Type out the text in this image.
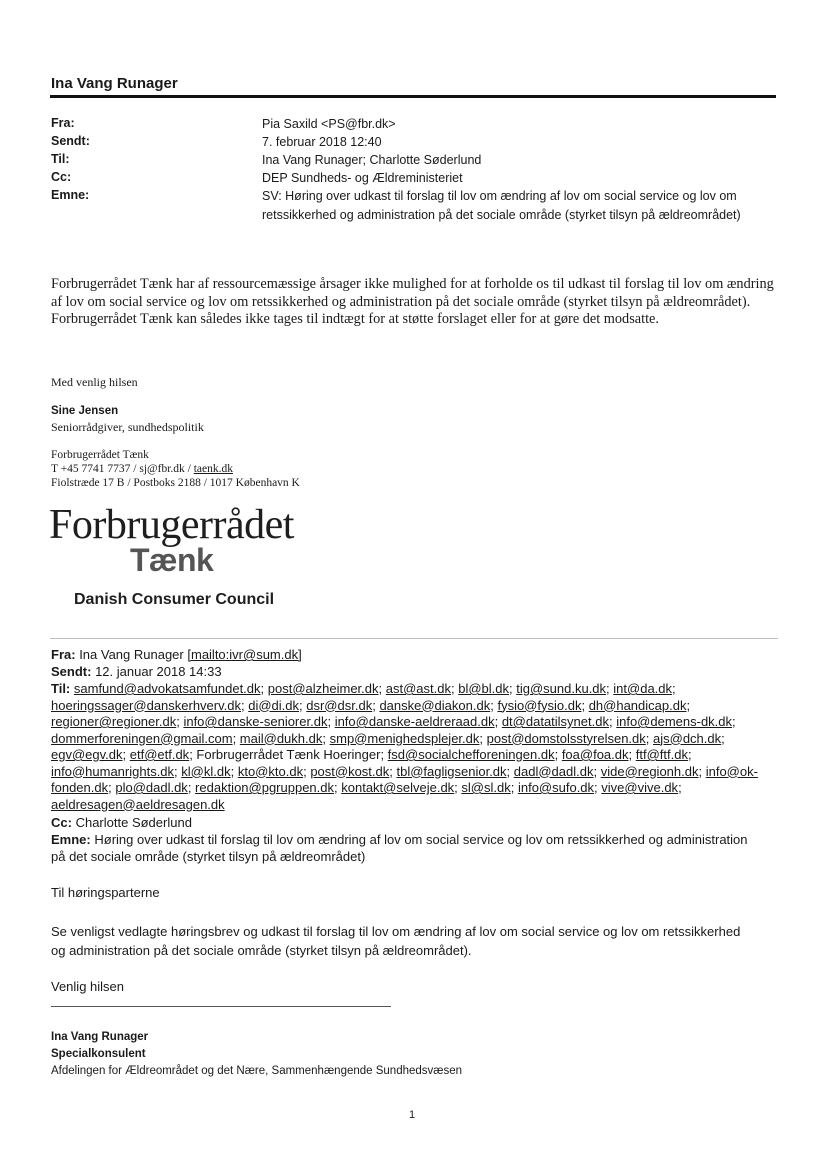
Ina Vang Runager
Fra:	Pia Saxild <PS@fbr.dk>
Sendt:	7. februar 2018 12:40
Til:	Ina Vang Runager; Charlotte Søderlund
Cc:	DEP Sundheds- og Ældreministeriet
Emne:	SV: Høring over udkast til forslag til lov om ændring af lov om social service og lov om retssikkerhed og administration på det sociale område (styrket tilsyn på ældreområdet)
Forbrugerrådet Tænk har af ressourcemæssige årsager ikke mulighed for at forholde os til udkast til forslag til lov om ændring af lov om social service og lov om retssikkerhed og administration på det sociale område (styrket tilsyn på ældreområdet). Forbrugerrådet Tænk kan således ikke tages til indtægt for at støtte forslaget eller for at gøre det modsatte.
Med venlig hilsen
Sine Jensen
Seniorrådgiver, sundhedspolitik
Forbrugerrådet Tænk
T +45 7741 7737 / sj@fbr.dk / taenk.dk
Fiolstræde 17 B / Postboks 2188 / 1017 København K
Forbrugerrådet
Tænk
Danish Consumer Council
Fra: Ina Vang Runager [mailto:ivr@sum.dk]
Sendt: 12. januar 2018 14:33
Til: samfund@advokatsamfundet.dk; post@alzheimer.dk; ast@ast.dk; bl@bl.dk; tig@sund.ku.dk; int@da.dk; hoeringssager@danskerhverv.dk; di@di.dk; dsr@dsr.dk; danske@diakon.dk; fysio@fysio.dk; dh@handicap.dk; regioner@regioner.dk; info@danske-seniorer.dk; info@danske-aeldreraad.dk; dt@datatilsynet.dk; info@demens-dk.dk; dommerforeningen@gmail.com; mail@dukh.dk; smp@menighedsplejer.dk; post@domstolsstyrelsen.dk; ajs@dch.dk; egv@egv.dk; etf@etf.dk; Forbrugerrådet Tænk Hoeringer; fsd@socialchefforeningen.dk; foa@foa.dk; ftf@ftf.dk; info@humanrights.dk; kl@kl.dk; kto@kto.dk; post@kost.dk; tbl@fagligsenior.dk; dadl@dadl.dk; vide@regionh.dk; info@ok-fonden.dk; plo@dadl.dk; redaktion@pgruppen.dk; kontakt@selveje.dk; sl@sl.dk; info@sufo.dk; vive@vive.dk; aeldresagen@aeldresagen.dk
Cc: Charlotte Søderlund
Emne: Høring over udkast til forslag til lov om ændring af lov om social service og lov om retssikkerhed og administration på det sociale område (styrket tilsyn på ældreområdet)
Til høringsparterne
Se venligst vedlagte høringsbrev og udkast til forslag til lov om ændring af lov om social service og lov om retssikkerhed og administration på det sociale område (styrket tilsyn på ældreområdet).
Venlig hilsen
Ina Vang Runager
Specialkonsulent
Afdelingen for Ældreområdet og det Nære, Sammenhængende Sundhedsvæsen
1
